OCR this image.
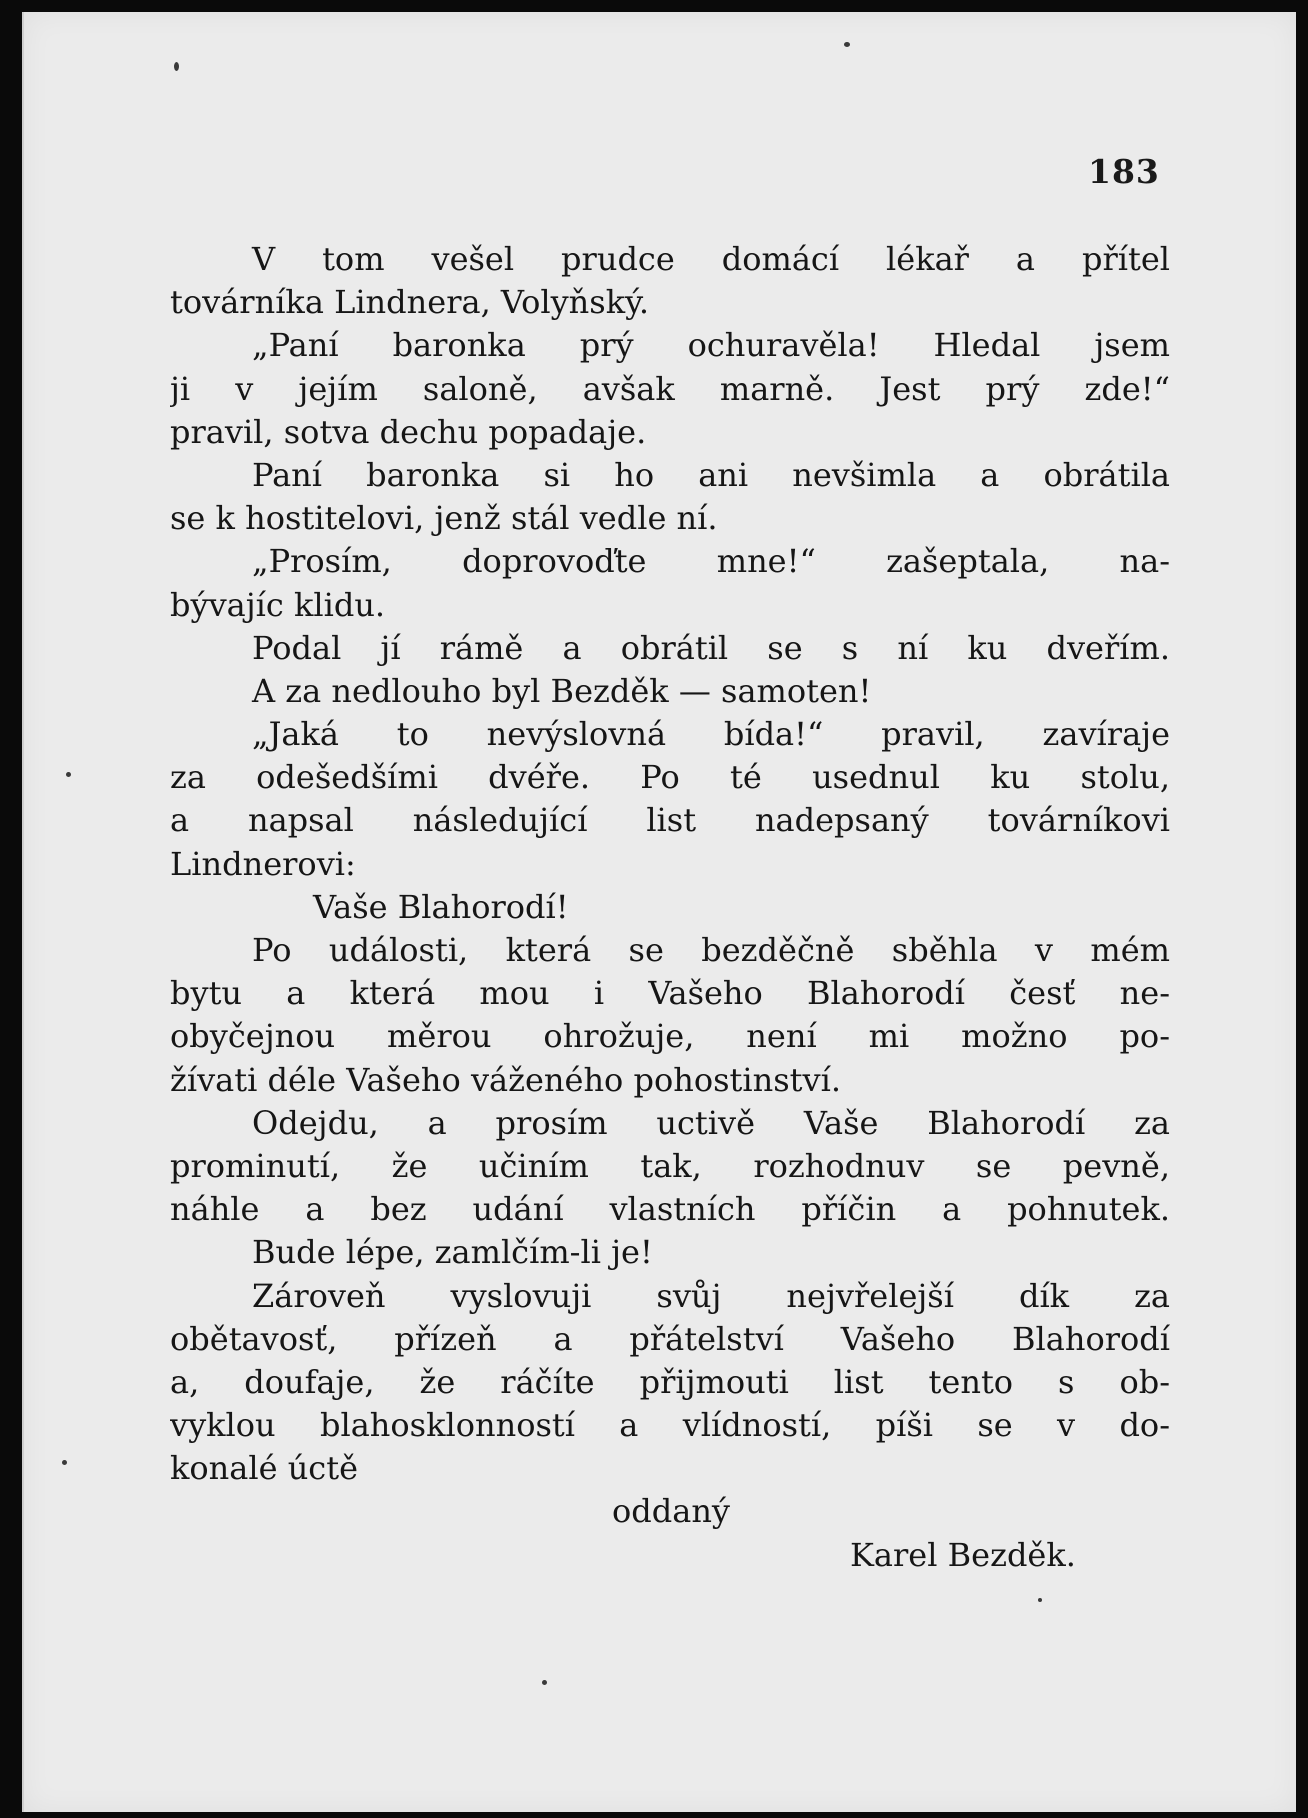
183
V tom vešel prudce domácí lékař a přítel
továrníka Lindnera, Volyňský.
„Paní baronka prý ochuravěla! Hledal jsem
ji v jejím saloně, avšak marně. Jest prý zde!“
pravil, sotva dechu popadaje.
Paní baronka si ho ani nevšimla a obrátila
se k hostitelovi, jenž stál vedle ní.
„Prosím, doprovoďte mne!“ zašeptala, na-
bývajíc klidu.
Podal jí rámě a obrátil se s ní ku dveřím.
A za nedlouho byl Bezděk — samoten!
„Jaká to nevýslovná bída!“ pravil, zavíraje
za odešedšími dvéře. Po té usednul ku stolu,
a napsal následující list nadepsaný továrníkovi
Lindnerovi:
Vaše Blahorodí!
Po události, která se bezděčně sběhla v mém
bytu a která mou i Vašeho Blahorodí česť ne-
obyčejnou měrou ohrožuje, není mi možno po-
žívati déle Vašeho váženého pohostinství.
Odejdu, a prosím uctivě Vaše Blahorodí za
prominutí, že učiním tak, rozhodnuv se pevně,
náhle a bez udání vlastních příčin a pohnutek.
Bude lépe, zamlčím-li je!
Zároveň vyslovuji svůj nejvřelejší dík za
obětavosť, přízeň a přátelství Vašeho Blahorodí
a, doufaje, že ráčíte přijmouti list tento s ob-
vyklou blahosklonností a vlídností, píši se v do-
konalé úctě
oddaný
Karel Bezděk.
